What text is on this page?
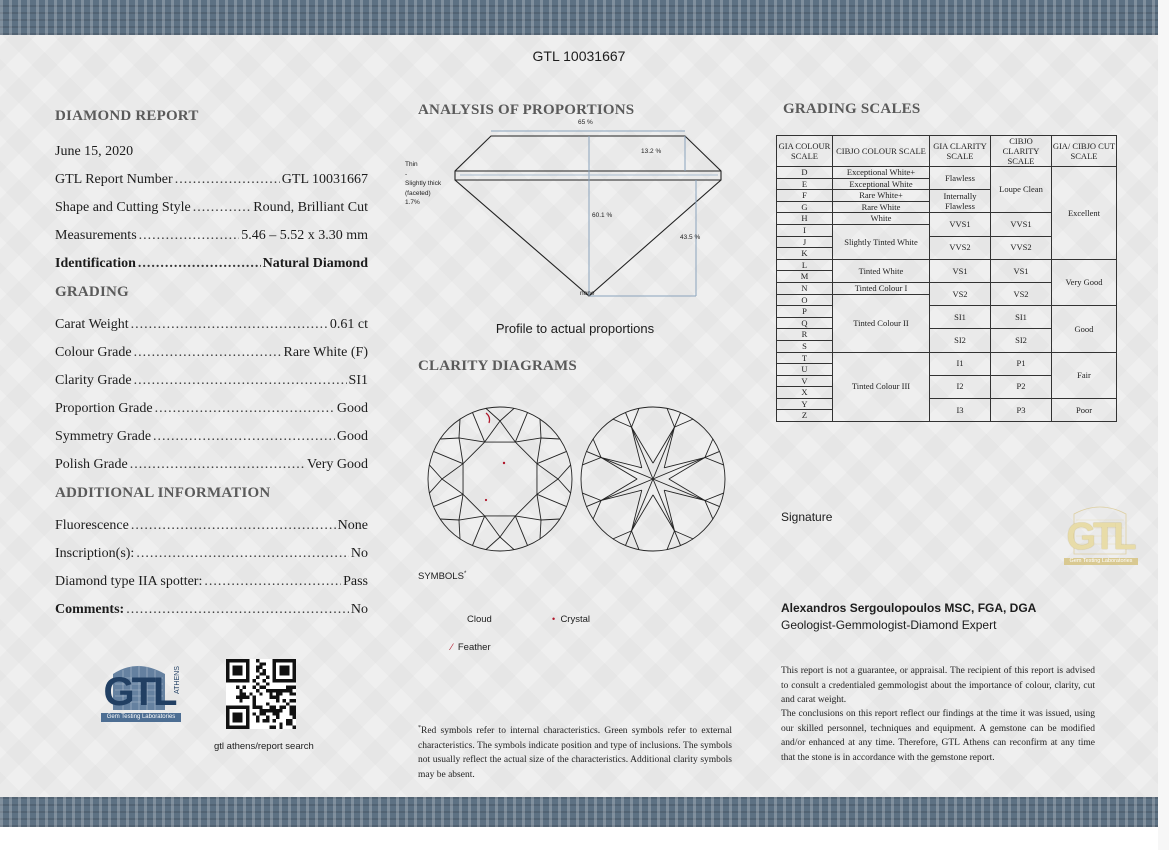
GTL 10031667
DIAMOND REPORT
June 15, 2020
GTL Report Number .....	GTL 10031667
Shape and Cutting Style .....	Round, Brilliant Cut
Measurements .....	5.46 – 5.52 x 3.30 mm
Identification .....	Natural Diamond
GRADING
Carat Weight .....	0.61 ct
Colour Grade .....	Rare White (F)
Clarity Grade .....	SI1
Proportion Grade .....	Good
Symmetry Grade .....	Good
Polish Grade .....	Very Good
ADDITIONAL INFORMATION
Fluorescence .....	None
Inscription(s): .....	No
Diamond type IIA spotter: .....	Pass
Comments: .....	No
GTL
Gem Testing Laboratories
ATHENS
gtl athens/report search
ANALYSIS OF PROPORTIONS
65 %
13.2 %
60.1 %
43.5 %
Thin
-
Slightly thick
(faceted)
1.7%
none
Profile to actual proportions
CLARITY DIAGRAMS
SYMBOLS*
Cloud	• Crystal
⁄ Feather
*Red symbols refer to internal characteristics. Green symbols refer to external characteristics. The symbols indicate position and type of inclusions. The symbols not usually reflect the actual size of the characteristics. Additional clarity symbols may be absent.
GRADING SCALES
GIA COLOUR SCALE	CIBJO COLOUR SCALE	GIA CLARITY SCALE	CIBJO CLARITY SCALE	GIA/ CIBJO CUT SCALE
D	Exceptional White+	Flawless	Loupe Clean	Excellent
E	Exceptional White			
F	Rare White+	Internally Flawless		
G	Rare White			
H	White	VVS1	VVS1	
I	Slightly Tinted White			
J		VVS2	VVS2	
K				
L	Tinted White	VS1	VS1	Very Good
M				
N	Tinted Colour I	VS2	VS2	
O	Tinted Colour II			
P		SI1	SI1	Good
Q				
R		SI2	SI2	
S				
T	Tinted Colour III	I1	P1	Fair
U				
V		I2	P2	
X				
Y		I3	P3	Poor
Z				
Signature	GTL
Gem Testing Laboratories
Alexandros Sergoulopoulos MSC, FGA, DGA
Geologist-Gemmologist-Diamond Expert
This report is not a guarantee, or appraisal. The recipient of this report is advised to consult a credentialed gemmologist about the importance of colour, clarity, cut and carat weight.
The conclusions on this report reflect our findings at the time it was issued, using our skilled personnel, techniques and equipment. A gemstone can be modified and/or enhanced at any time. Therefore, GTL Athens can reconfirm at any time that the stone is in accordance with the gemstone report.
